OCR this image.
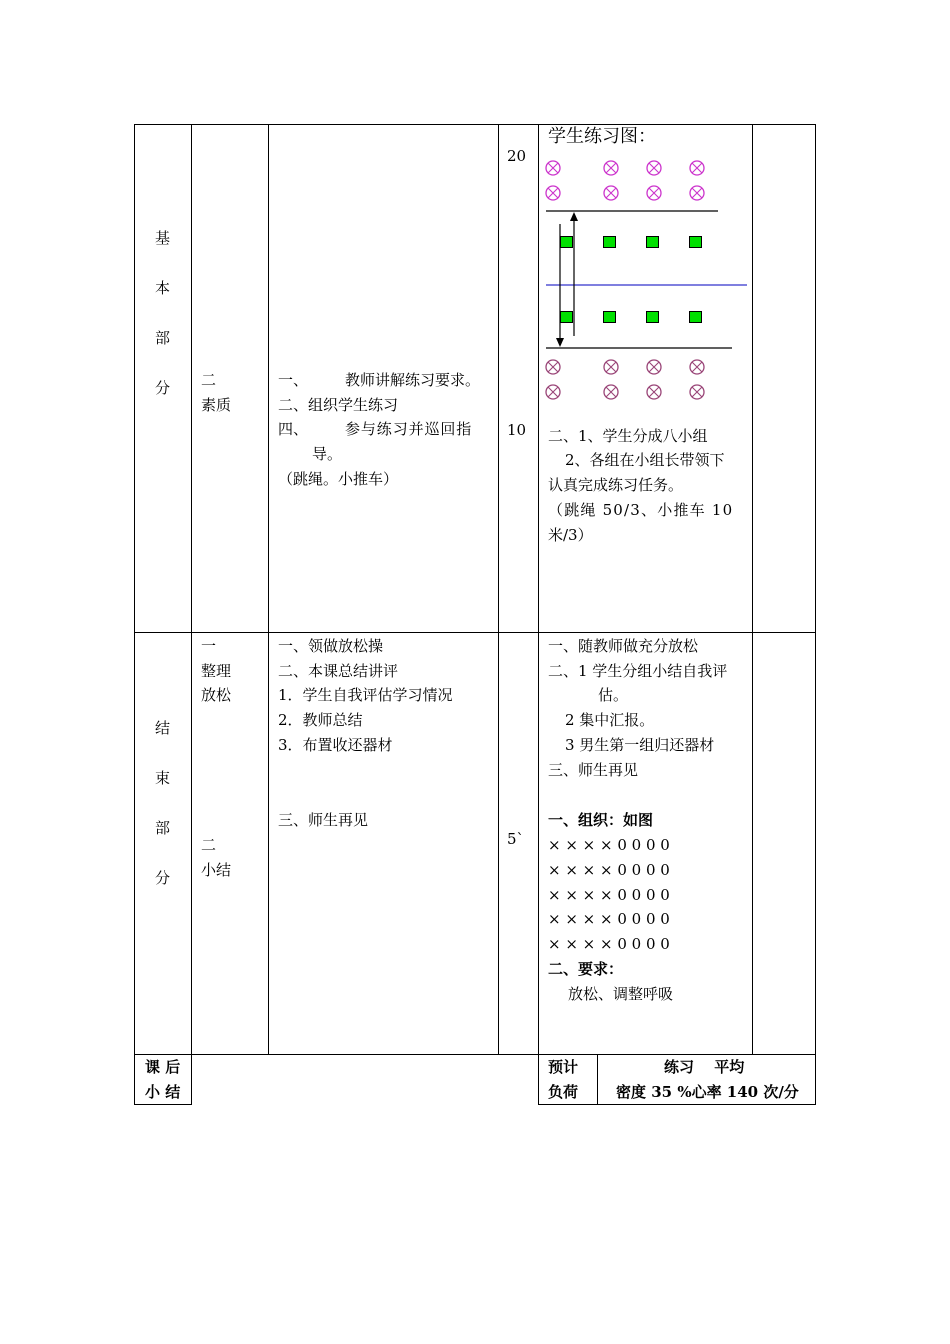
基
本
部
分 二
素质
一、 教师讲解练习要求。
二、组织学生练习
四、 参与练习并巡回指
导。
（跳绳。小推车）
20
10
学生练习图：
二、1、学生分成八小组
2、各组在小组长带领下
认真完成练习任务。
（跳绳 50/3、小推车 10
米/3）
结
束
部
分
一
整理
放松
二
小结
一、领做放松操
二、本课总结讲评
1．学生自我评估学习情况
2．教师总结
3．布置收还器材
三、师生再见
5`
一、随教师做充分放松
二、1 学生分组小结自我评
估。
2 集中汇报。
3 男生第一组归还器材
三、师生再见
一、组织：如图
× × × × 0 0 0 0
× × × × 0 0 0 0
× × × × 0 0 0 0
× × × × 0 0 0 0
× × × × 0 0 0 0
二、要求：
放松、调整呼吸
课 后
小 结
预计
负荷
练习　 平均
密度 35 %心率 140 次/分
